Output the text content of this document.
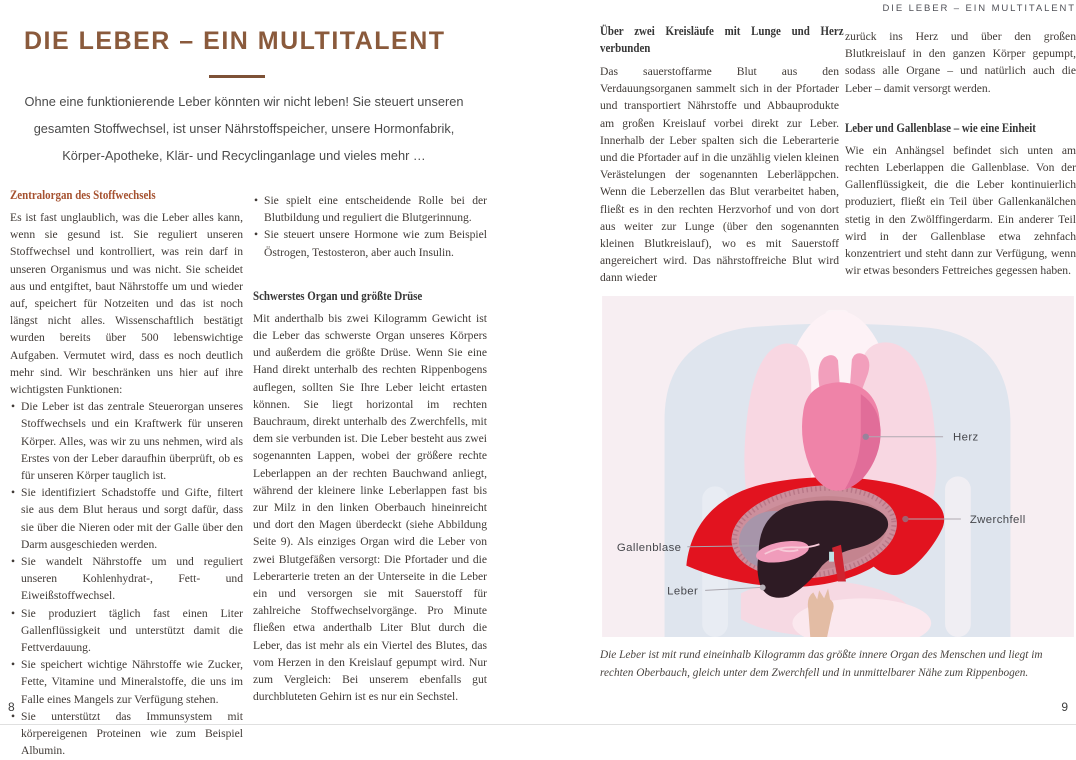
DIE LEBER – EIN MULTITALENT
Ohne eine funktionierende Leber könnten wir nicht leben! Sie steuert unseren gesamten Stoffwechsel, ist unser Nährstoffspeicher, unsere Hormonfabrik, Körper-Apotheke, Klär- und Recyclinganlage und vieles mehr …
Zentralorgan des Stoffwechsels

Es ist fast unglaublich, was die Leber alles kann, wenn sie gesund ist. Sie reguliert unseren Stoffwechsel und kontrolliert, was rein darf in unseren Organismus und was nicht. Sie scheidet aus und entgiftet, baut Nährstoffe um und wieder auf, speichert für Notzeiten und das ist noch längst nicht alles. Wissenschaftlich bestätigt wurden bereits über 500 lebenswichtige Aufgaben. Vermutet wird, dass es noch deutlich mehr sind. Wir beschränken uns hier auf ihre wichtigsten Funktionen:

• Die Leber ist das zentrale Steuerorgan unseres Stoffwechsels und ein Kraftwerk für unseren Körper. Alles, was wir zu uns nehmen, wird als Erstes von der Leber daraufhin überprüft, ob es für unseren Körper tauglich ist.
• Sie identifiziert Schadstoffe und Gifte, filtert sie aus dem Blut heraus und sorgt dafür, dass sie über die Nieren oder mit der Galle über den Darm ausgeschieden werden.
• Sie wandelt Nährstoffe um und reguliert unseren Kohlenhydrat-, Fett- und Eiweißstoffwechsel.
• Sie produziert täglich fast einen Liter Gallenflüssigkeit und unterstützt damit die Fettverdauung.
• Sie speichert wichtige Nährstoffe wie Zucker, Fette, Vitamine und Mineralstoffe, die uns im Falle eines Mangels zur Verfügung stehen.
• Sie unterstützt das Immunsystem mit körpereigenen Proteinen wie zum Beispiel Albumin.
• Sie spielt eine entscheidende Rolle bei der Blutbildung und reguliert die Blutgerinnung.
• Sie steuert unsere Hormone wie zum Beispiel Östrogen, Testosteron, aber auch Insulin.
Schwerstes Organ und größte Drüse

Mit anderthalb bis zwei Kilogramm Gewicht ist die Leber das schwerste Organ unseres Körpers und außerdem die größte Drüse. Wenn Sie eine Hand direkt unterhalb des rechten Rippenbogens auflegen, sollten Sie Ihre Leber leicht ertasten können. Sie liegt horizontal im rechten Bauchraum, direkt unterhalb des Zwerchfells, mit dem sie verbunden ist. Die Leber besteht aus zwei sogenannten Lappen, wobei der größere rechte Leberlappen an der rechten Bauchwand anliegt, während der kleinere linke Leberlappen fast bis zur Milz in den linken Oberbauch hineinreicht und dort den Magen überdeckt (siehe Abbildung Seite 9). Als einziges Organ wird die Leber von zwei Blutgefäßen versorgt: Die Pfortader und die Leberarterie treten an der Unterseite in die Leber ein und versorgen sie mit Sauerstoff für zahlreiche Stoffwechselvorgänge. Pro Minute fließen etwa anderthalb Liter Blut durch die Leber, das ist mehr als ein Viertel des Blutes, das vom Herzen in den Kreislauf gepumpt wird. Nur zum Vergleich: Bei unserem ebenfalls gut durchbluteten Gehirn ist es nur ein Sechstel.

8
DIE LEBER – EIN MULTITALENT
Über zwei Kreisläufe mit Lunge und Herz verbunden

Das sauerstoffarme Blut aus den Verdauungsorganen sammelt sich in der Pfortader und transportiert Nährstoffe und Abbauprodukte am großen Kreislauf vorbei direkt zur Leber. Innerhalb der Leber spalten sich die Leberarterie und die Pfortader auf in die unzählig vielen kleinen Verästelungen der sogenannten Leberläppchen. Wenn die Leberzellen das Blut verarbeitet haben, fließt es in den rechten Herzvorhof und von dort aus weiter zur Lunge (über den sogenannten kleinen Blutkreislauf), wo es mit Sauerstoff angereichert wird. Das nährstoffreiche Blut wird dann wieder

zurück ins Herz und über den großen Blutkreislauf in den ganzen Körper gepumpt, sodass alle Organe – und natürlich auch die Leber – damit versorgt werden.

Leber und Gallenblase – wie eine Einheit

Wie ein Anhängsel befindet sich unten am rechten Leberlappen die Gallenblase. Von der Gallenflüssigkeit, die die Leber kontinuierlich produziert, fließt ein Teil über Gallenkanälchen stetig in den Zwölffingerdarm. Ein anderer Teil wird in der Gallenblase etwa zehnfach konzentriert und steht dann zur Verfügung, wenn wir etwas besonders Fettreiches gegessen haben.

Herz
Zwerchfell
Gallenblase
Leber
Die Leber ist mit rund eineinhalb Kilogramm das größte innere Organ des Menschen und liegt im rechten Oberbauch, gleich unter dem Zwerchfell und in unmittelbarer Nähe zum Rippenbogen.
9
